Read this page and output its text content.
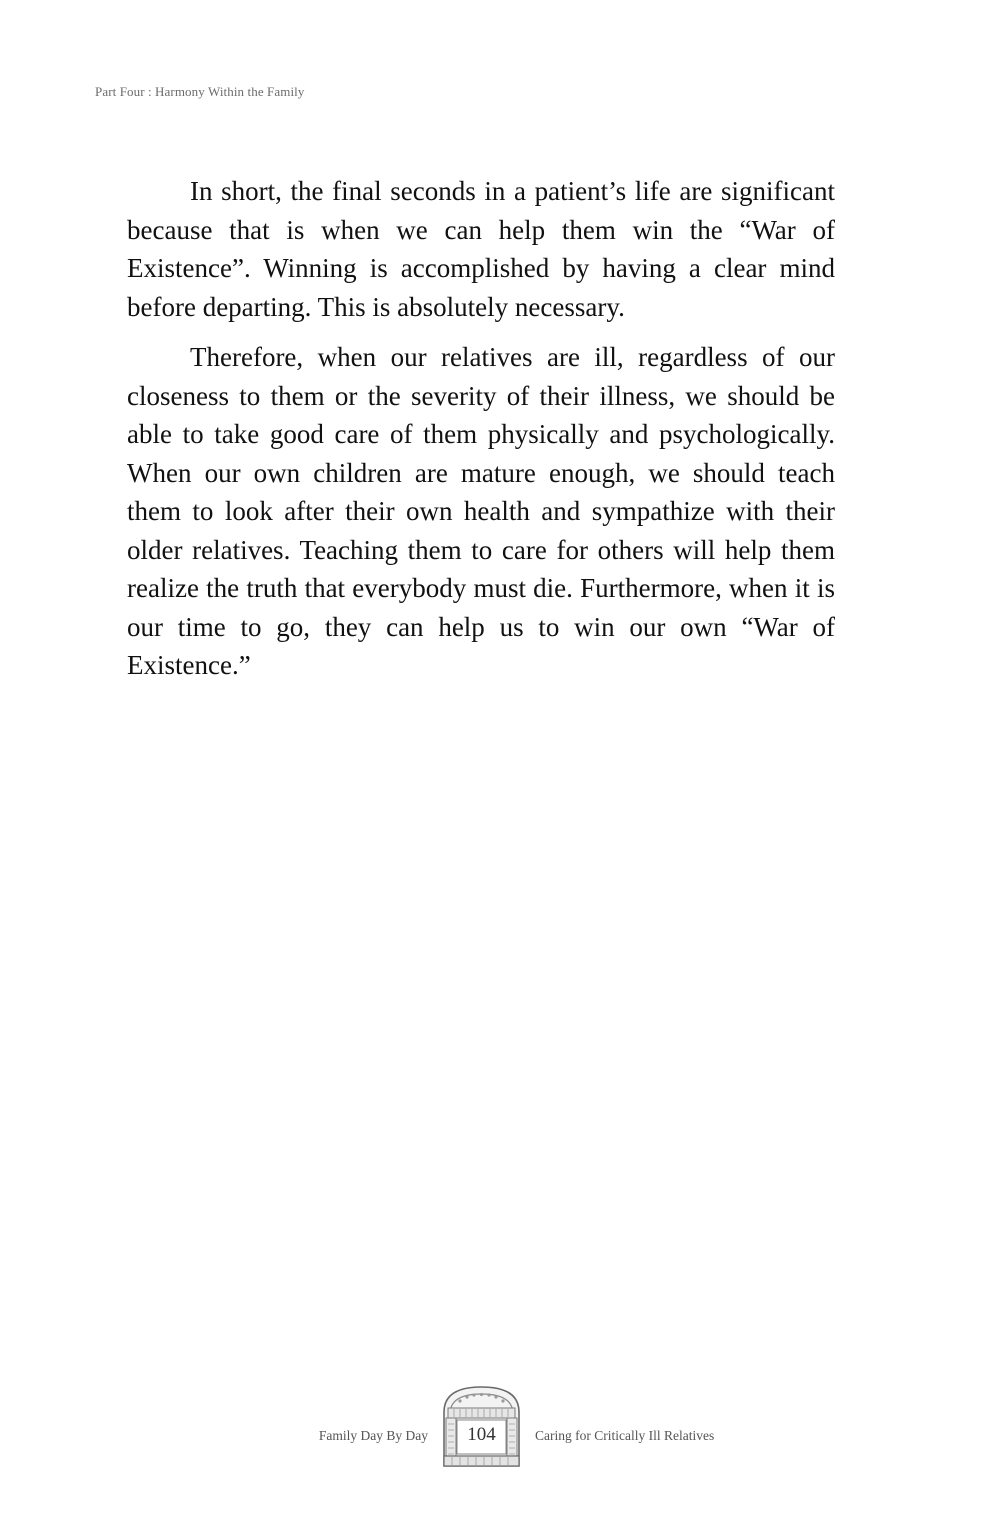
Part Four : Harmony Within the Family

In short, the final seconds in a patient’s life are significant because that is when we can help them win the “War of Existence”. Winning is accomplished by having a clear mind before departing. This is absolutely necessary.

Therefore, when our relatives are ill, regardless of our closeness to them or the severity of their illness, we should be able to take good care of them physically and psychologically. When our own children are mature enough, we should teach them to look after their own health and sympathize with their older relatives. Teaching them to care for others will help them realize the truth that everybody must die. Furthermore, when it is our time to go, they can help us to win our own “War of Existence.”

Family Day By Day	104	Caring for Critically Ill Relatives
